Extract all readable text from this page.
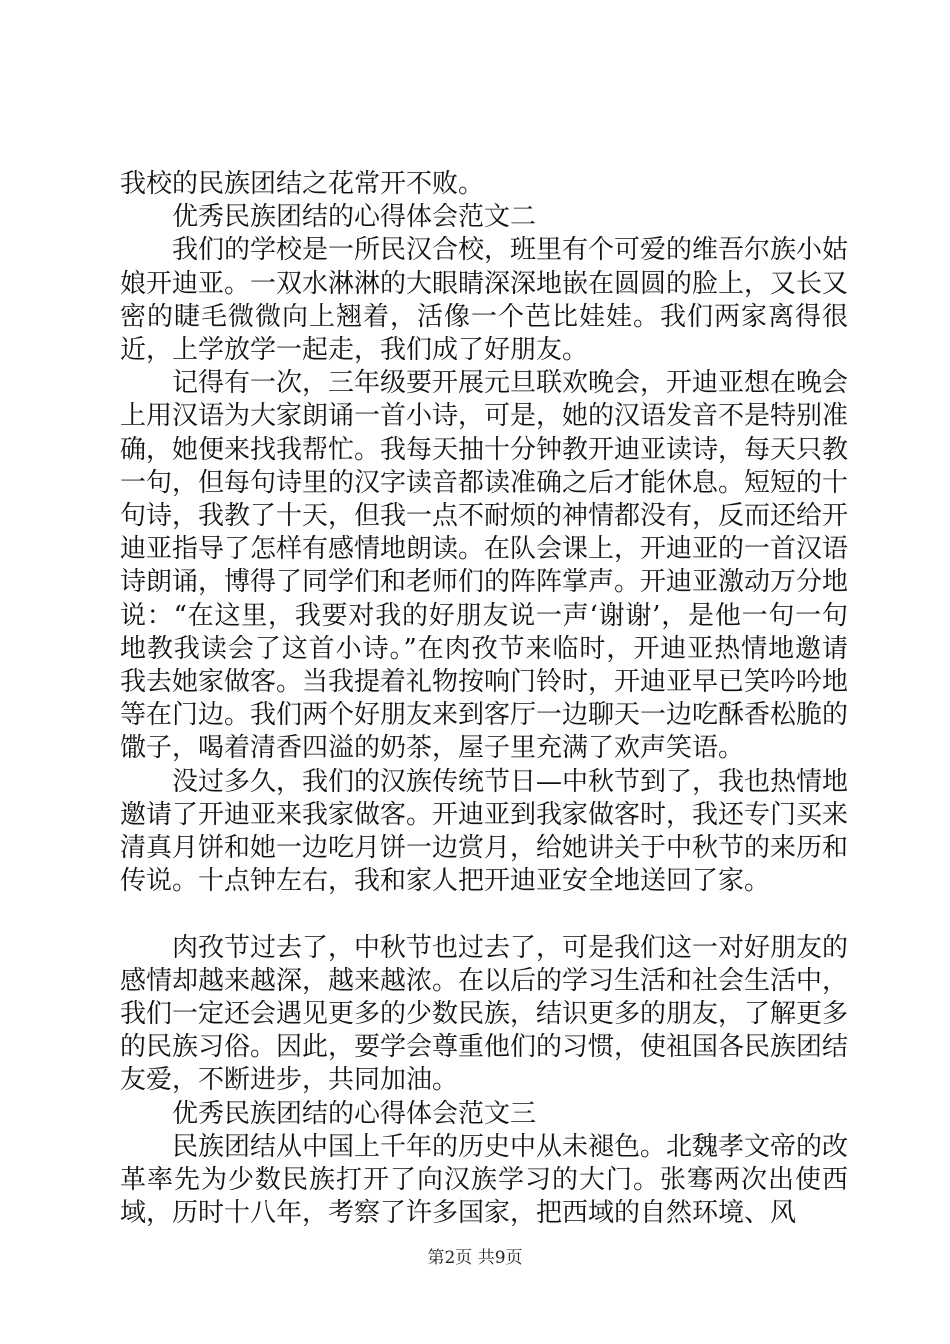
我校的民族团结之花常开不败。

优秀民族团结的心得体会范文二

我们的学校是一所民汉合校，班里有个可爱的维吾尔族小姑娘开迪亚。一双水淋淋的大眼睛深深地嵌在圆圆的脸上，又长又密的睫毛微微向上翘着，活像一个芭比娃娃。我们两家离得很近，上学放学一起走，我们成了好朋友。

记得有一次，三年级要开展元旦联欢晚会，开迪亚想在晚会上用汉语为大家朗诵一首小诗，可是，她的汉语发音不是特别准确，她便来找我帮忙。我每天抽十分钟教开迪亚读诗，每天只教一句，但每句诗里的汉字读音都读准确之后才能休息。短短的十句诗，我教了十天，但我一点不耐烦的神情都没有，反而还给开迪亚指导了怎样有感情地朗读。在队会课上，开迪亚的一首汉语诗朗诵，博得了同学们和老师们的阵阵掌声。开迪亚激动万分地说：“在这里，我要对我的好朋友说一声‘谢谢’，是他一句一句地教我读会了这首小诗。”在肉孜节来临时，开迪亚热情地邀请我去她家做客。当我提着礼物按响门铃时，开迪亚早已笑吟吟地等在门边。我们两个好朋友来到客厅一边聊天一边吃酥香松脆的馓子，喝着清香四溢的奶茶，屋子里充满了欢声笑语。

没过多久，我们的汉族传统节日—中秋节到了，我也热情地邀请了开迪亚来我家做客。开迪亚到我家做客时，我还专门买来清真月饼和她一边吃月饼一边赏月，给她讲关于中秋节的来历和传说。十点钟左右，我和家人把开迪亚安全地送回了家。

肉孜节过去了，中秋节也过去了，可是我们这一对好朋友的感情却越来越深，越来越浓。在以后的学习生活和社会生活中，我们一定还会遇见更多的少数民族，结识更多的朋友，了解更多的民族习俗。因此，要学会尊重他们的习惯，使祖国各民族团结友爱，不断进步，共同加油。

优秀民族团结的心得体会范文三

民族团结从中国上千年的历史中从未褪色。北魏孝文帝的改革率先为少数民族打开了向汉族学习的大门。张骞两次出使西域，历时十八年，考察了许多国家，把西域的自然环境、风

第2页 共9页
